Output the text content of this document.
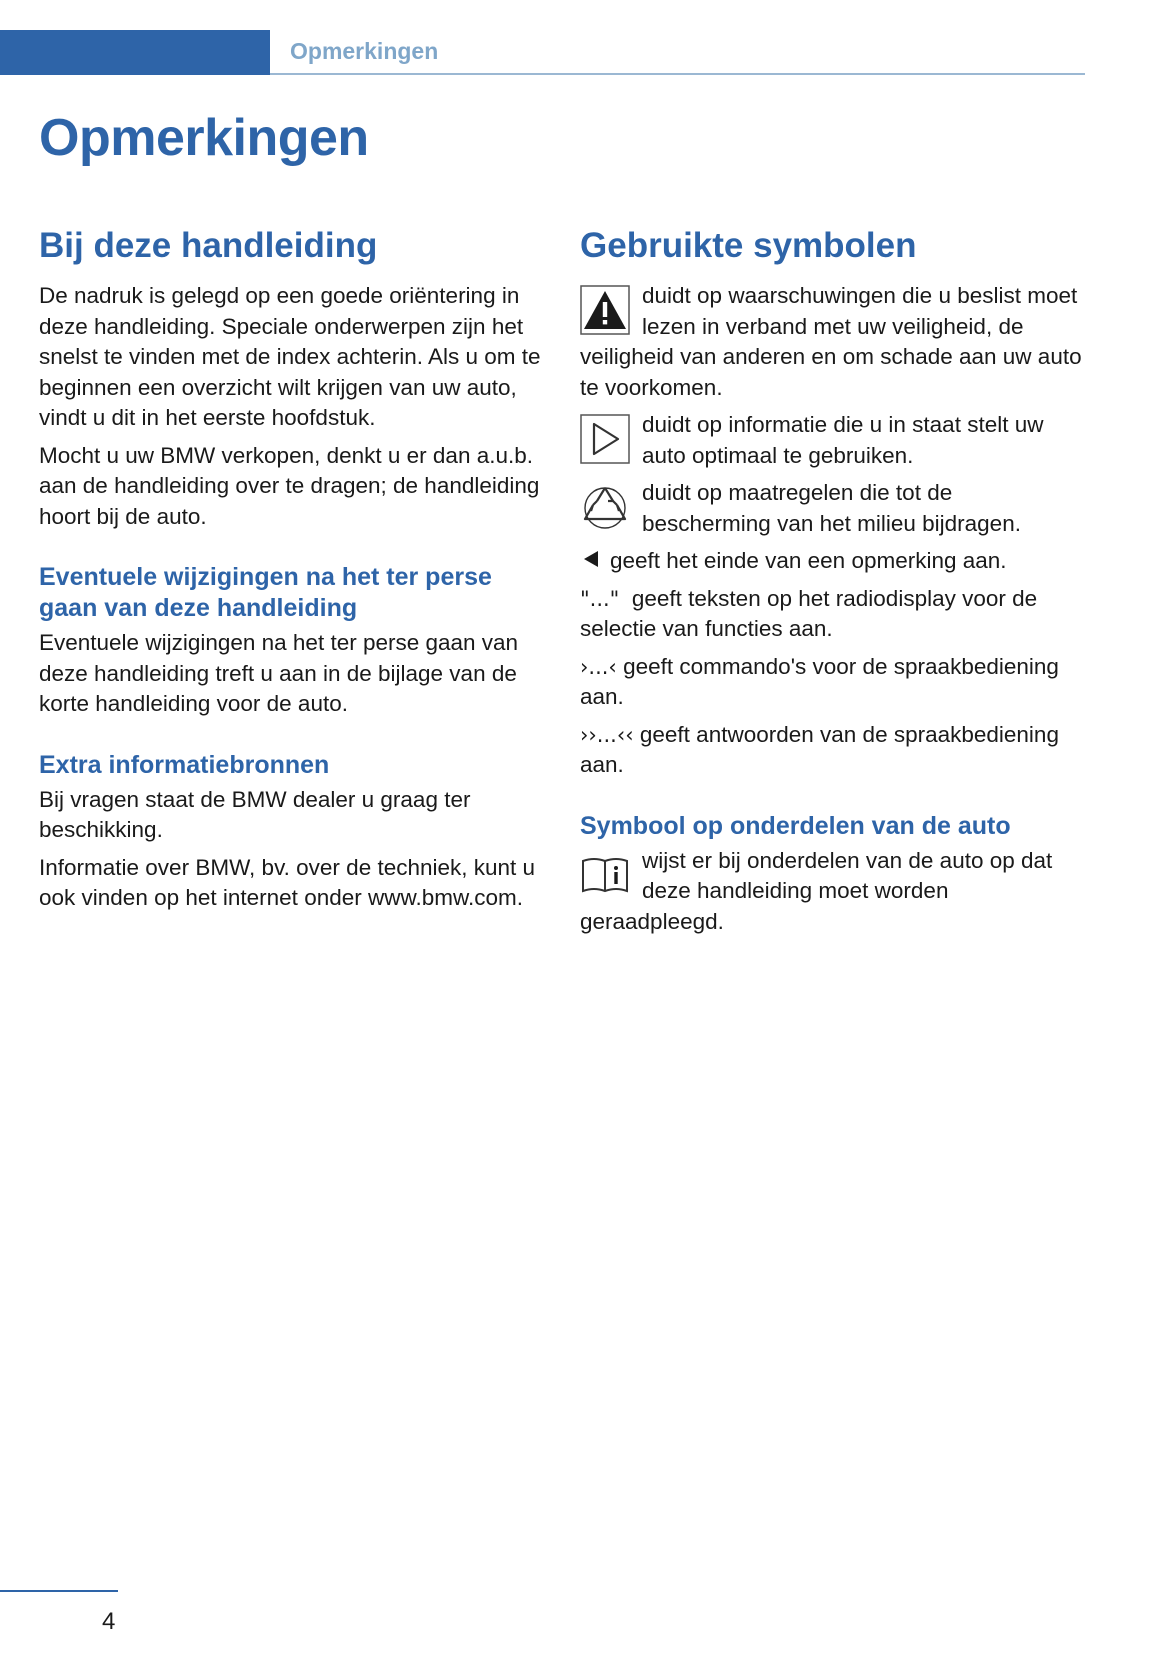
Opmerkingen
Opmerkingen
Bij deze handleiding

De nadruk is gelegd op een goede oriëntering in deze handleiding. Speciale onderwerpen zijn het snelst te vinden met de index achterin. Als u om te beginnen een overzicht wilt krijgen van uw auto, vindt u dit in het eerste hoofdstuk.

Mocht u uw BMW verkopen, denkt u er dan a.u.b. aan de handleiding over te dragen; de handleiding hoort bij de auto.

Eventuele wijzigingen na het ter perse gaan van deze handleiding

Eventuele wijzigingen na het ter perse gaan van deze handleiding treft u aan in de bijlage van de korte handleiding voor de auto.

Extra informatiebronnen

Bij vragen staat de BMW dealer u graag ter beschikking.

Informatie over BMW, bv. over de techniek, kunt u ook vinden op het internet onder www.bmw.com.

Gebruikte symbolen
duidt op waarschuwingen die u beslist moet lezen in verband met uw veiligheid, de veiligheid van anderen en om schade aan uw auto te voorkomen.
duidt op informatie die u in staat stelt uw auto optimaal te gebruiken.
duidt op maatregelen die tot de bescherming van het milieu bijdragen.

geeft het einde van een opmerking aan.

"..." geeft teksten op het radiodisplay voor de selectie van functies aan.

›...‹ geeft commando's voor de spraakbediening aan.

››...‹‹ geeft antwoorden van de spraakbediening aan.

Symbool op onderdelen van de auto
wijst er bij onderdelen van de auto op dat deze handleiding moet worden geraadpleegd.
4
